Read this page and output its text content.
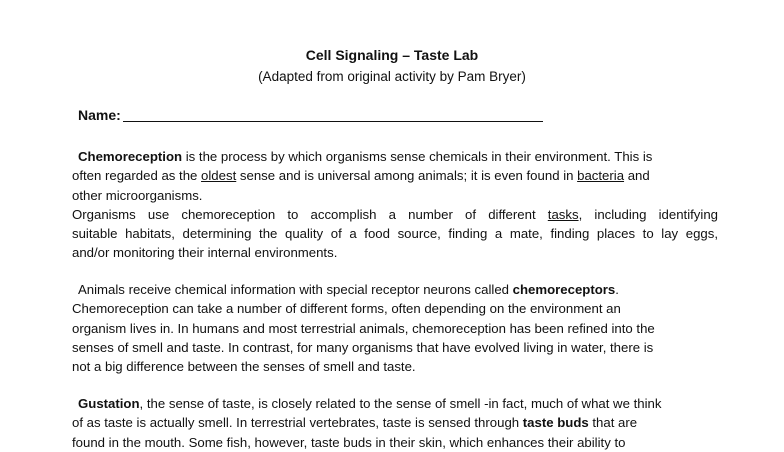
Cell Signaling – Taste Lab
(Adapted from original activity by Pam Bryer)
Name:
Chemoreception is the process by which organisms sense chemicals in their environment. This is
often regarded as the oldest sense and is universal among animals; it is even found in bacteria and
other microorganisms.
Organisms use chemoreception to accomplish a number of different tasks, including identifying
suitable habitats, determining the quality of a food source, finding a mate, finding places to lay eggs,
and/or monitoring their internal environments.
Animals receive chemical information with special receptor neurons called chemoreceptors.
Chemoreception can take a number of different forms, often depending on the environment an
organism lives in. In humans and most terrestrial animals, chemoreception has been refined into the
senses of smell and taste. In contrast, for many organisms that have evolved living in water, there is
not a big difference between the senses of smell and taste.
Gustation, the sense of taste, is closely related to the sense of smell -in fact, much of what we think
of as taste is actually smell. In terrestrial vertebrates, taste is sensed through taste buds that are
found in the mouth. Some fish, however, taste buds in their skin, which enhances their ability to
